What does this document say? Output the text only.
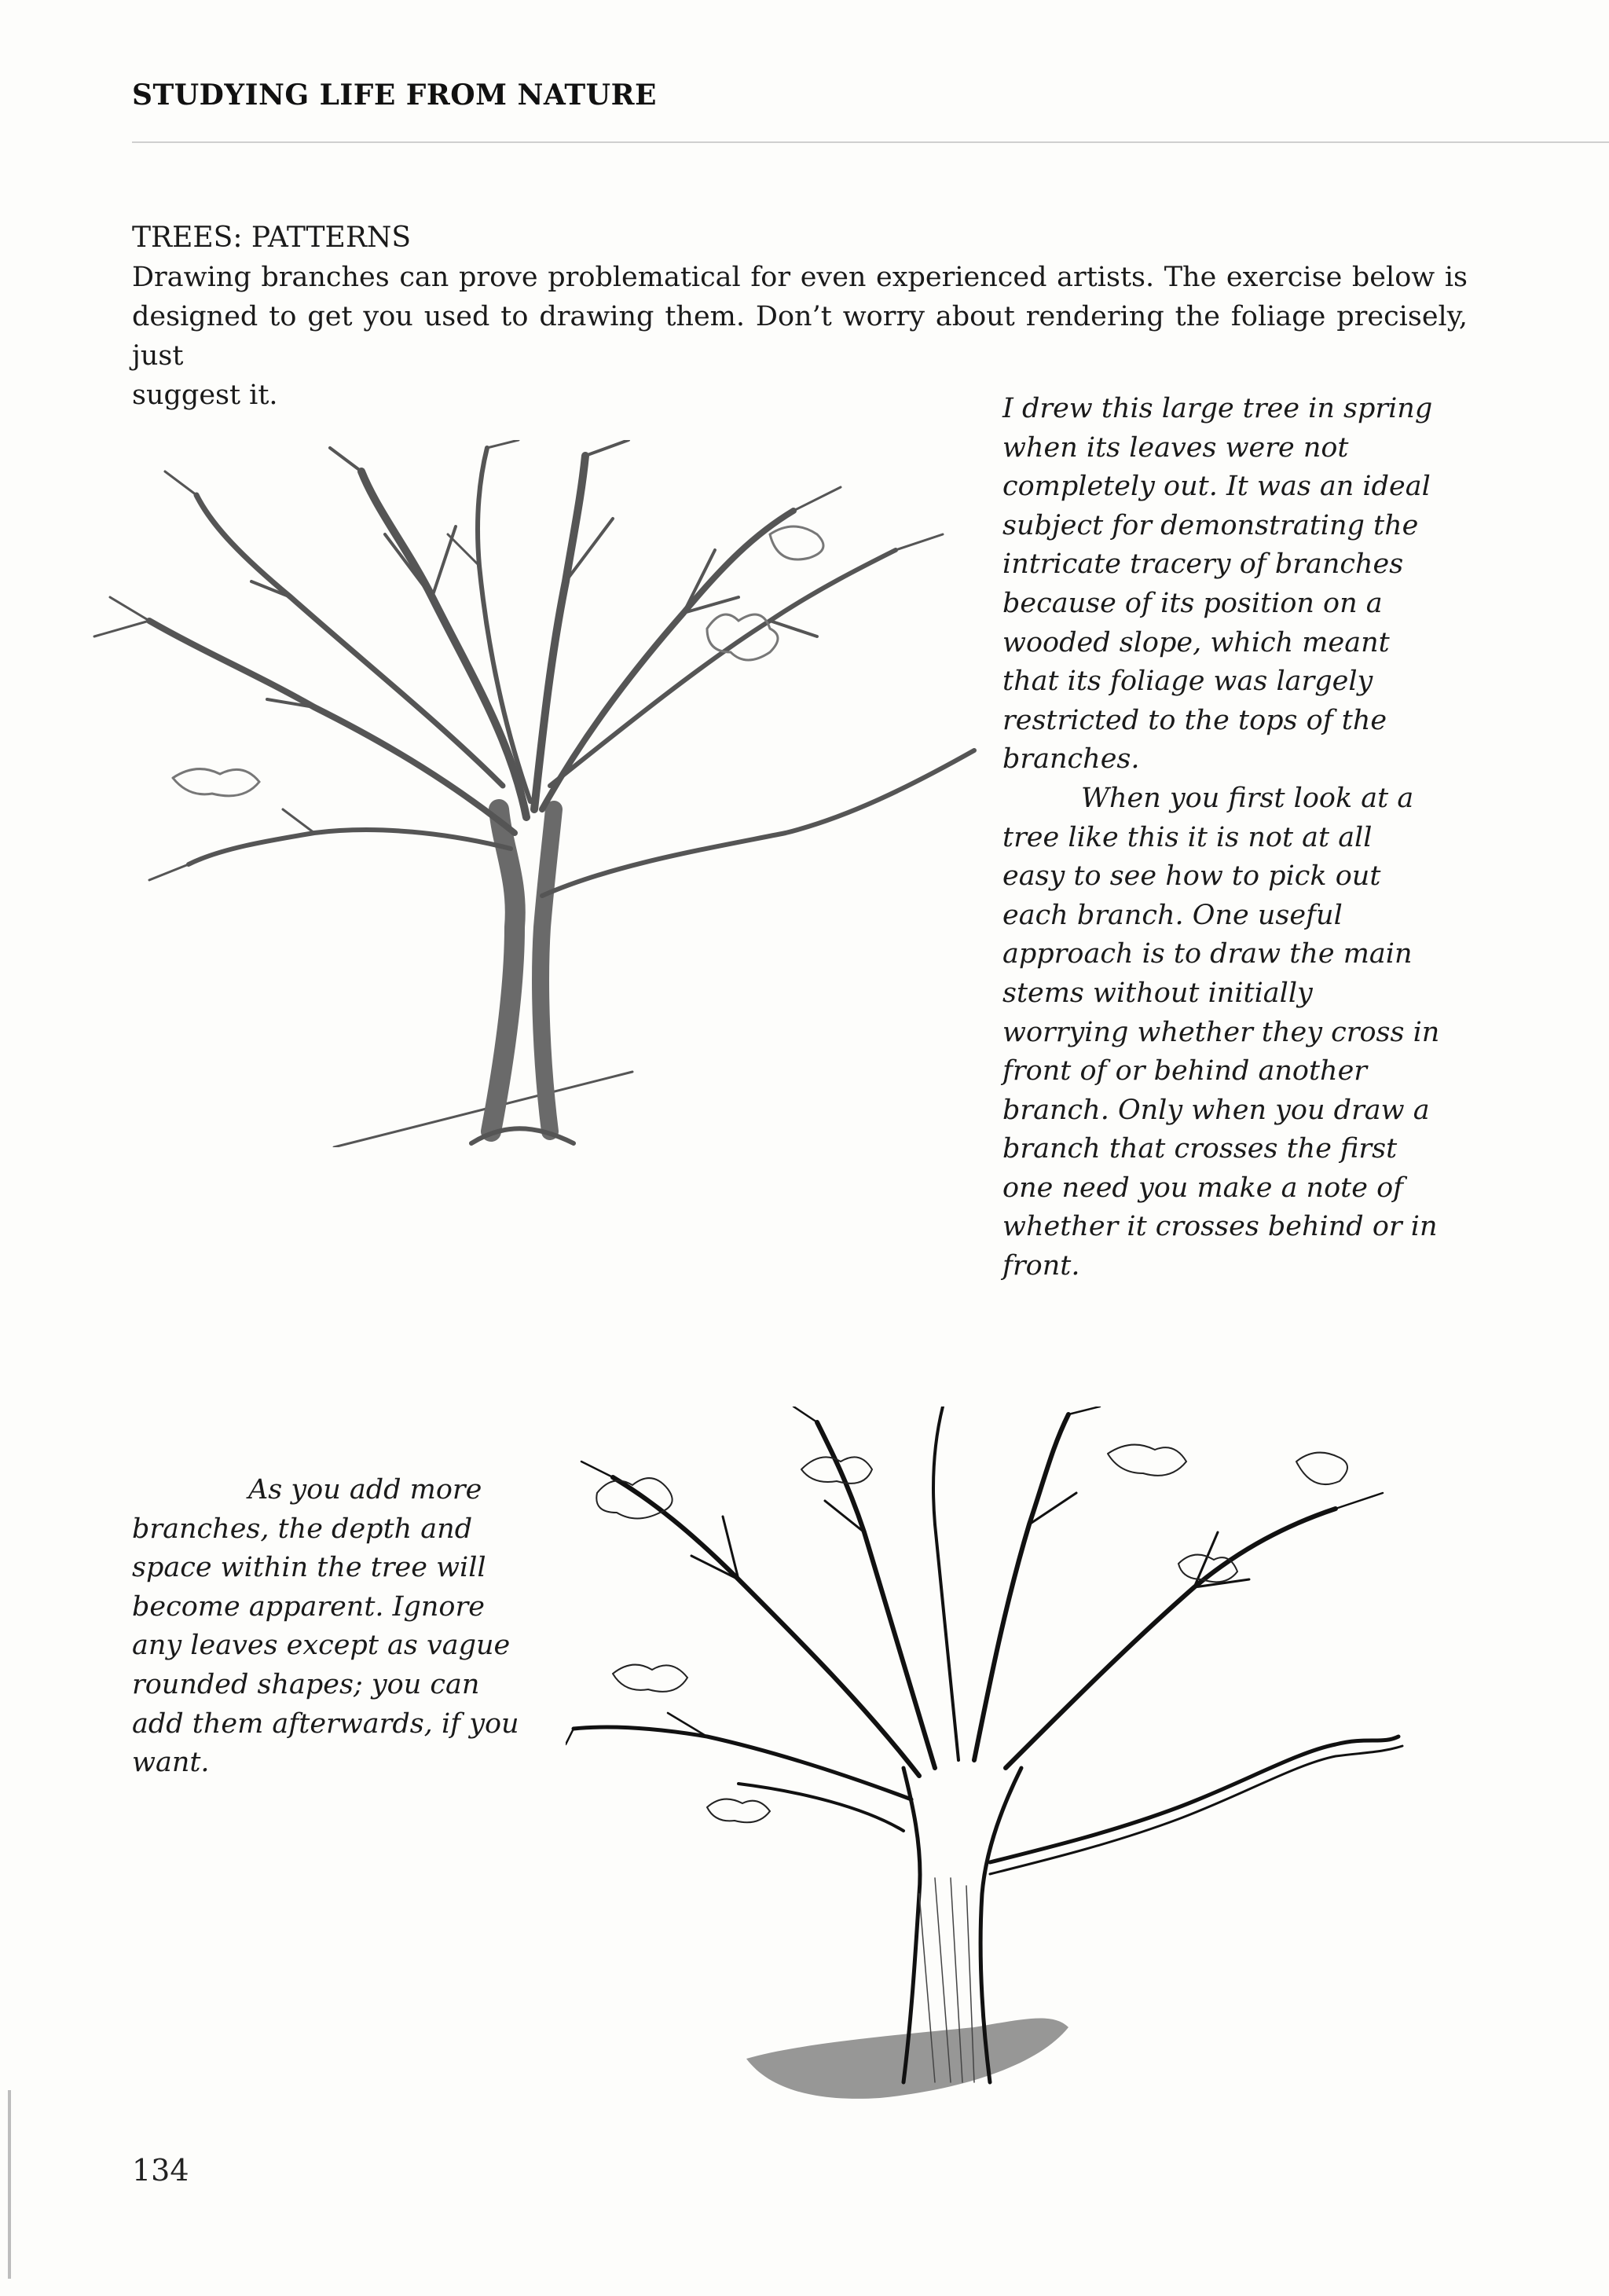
STUDYING LIFE FROM NATURE
TREES: PATTERNS
Drawing branches can prove problematical for even experienced artists. The exercise below is
designed to get you used to drawing them. Don’t worry about rendering the foliage precisely, just
suggest it.	I drew this large tree in spring when its leaves were not completely out. It was an ideal subject for demonstrating the intricate tracery of branches because of its position on a wooded slope, which meant that its foliage was largely restricted to the tops of the branches.

When you first look at a tree like this it is not at all easy to see how to pick out each branch. One useful approach is to draw the main stems without initially worrying whether they cross in front of or behind another branch. Only when you draw a branch that crosses the first one need you make a note of whether it crosses behind or in front.

As you add more branches, the depth and space within the tree will become apparent. Ignore any leaves except as vague rounded shapes; you can add them afterwards, if you want.

134
